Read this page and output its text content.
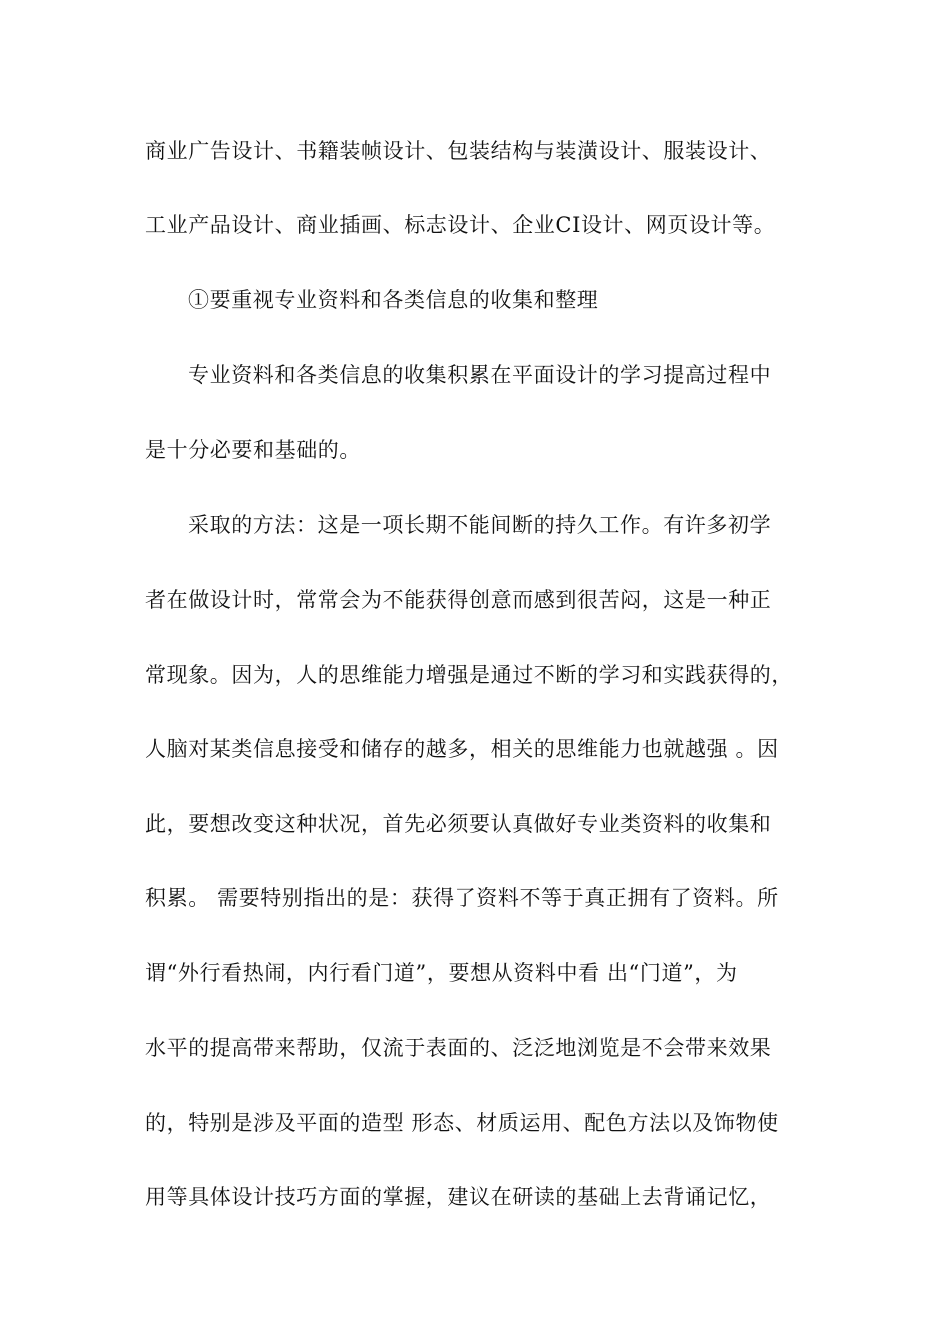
商业广告设计、书籍装帧设计、包装结构与装潢设计、服装设计、
工业产品设计、商业插画、标志设计、企业CI设计、网页设计等。
①要重视专业资料和各类信息的收集和整理
专业资料和各类信息的收集积累在平面设计的学习提高过程中
是十分必要和基础的。
采取的方法：这是一项长期不能间断的持久工作。有许多初学
者在做设计时，常常会为不能获得创意而感到很苦闷，这是一种正
常现象。因为，人的思维能力增强是通过不断的学习和实践获得的，
人脑对某类信息接受和储存的越多，相关的思维能力也就越强 。因
此，要想改变这种状况，首先必须要认真做好专业类资料的收集和
积累。 需要特别指出的是：获得了资料不等于真正拥有了资料。所
谓“外行看热闹，内行看门道”，要想从资料中看 出“门道”，为
水平的提高带来帮助，仅流于表面的、泛泛地浏览是不会带来效果
的，特别是涉及平面的造型 形态、材质运用、配色方法以及饰物使
用等具体设计技巧方面的掌握，建议在研读的基础上去背诵记忆，
